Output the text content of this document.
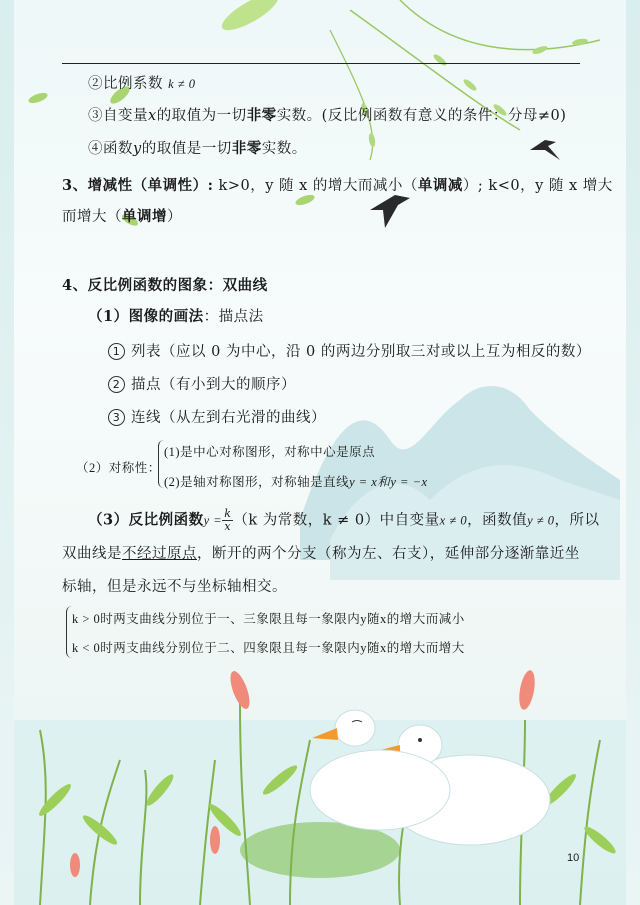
②比例系数 k ≠ 0
③自变量x的取值为一切非零实数。(反比例函数有意义的条件：分母≠0)
④函数y的取值是一切非零实数。
3、增减性（单调性）: k>0，y 随 x 的增大而减小（单调减）; k<0，y 随 x 增大
而增大（单调增）
4、反比例函数的图象：双曲线
（1）图像的画法：描点法
1 列表（应以 0 为中心，沿 0 的两边分别取三对或以上互为相反的数）
2 描点（有小到大的顺序）
3 连线（从左到右光滑的曲线）
（2）对称性：
(1)是中心对称图形，对称中心是原点
(2)是轴对称图形，对称轴是直线y = x和y = −x
（3）反比例函数$y = \frac{k}{x} (k$ 为常数，k ≠ 0）中自变量x ≠ 0，函数值y ≠ 0，所以
双曲线是不经过原点，断开的两个分支（称为左、右支），延伸部分逐渐靠近坐
标轴，但是永远不与坐标轴相交。
k > 0时两支曲线分别位于一、三象限且每一象限内y随x的增大而减小
k < 0时两支曲线分别位于二、四象限且每一象限内y随x的增大而增大
10
